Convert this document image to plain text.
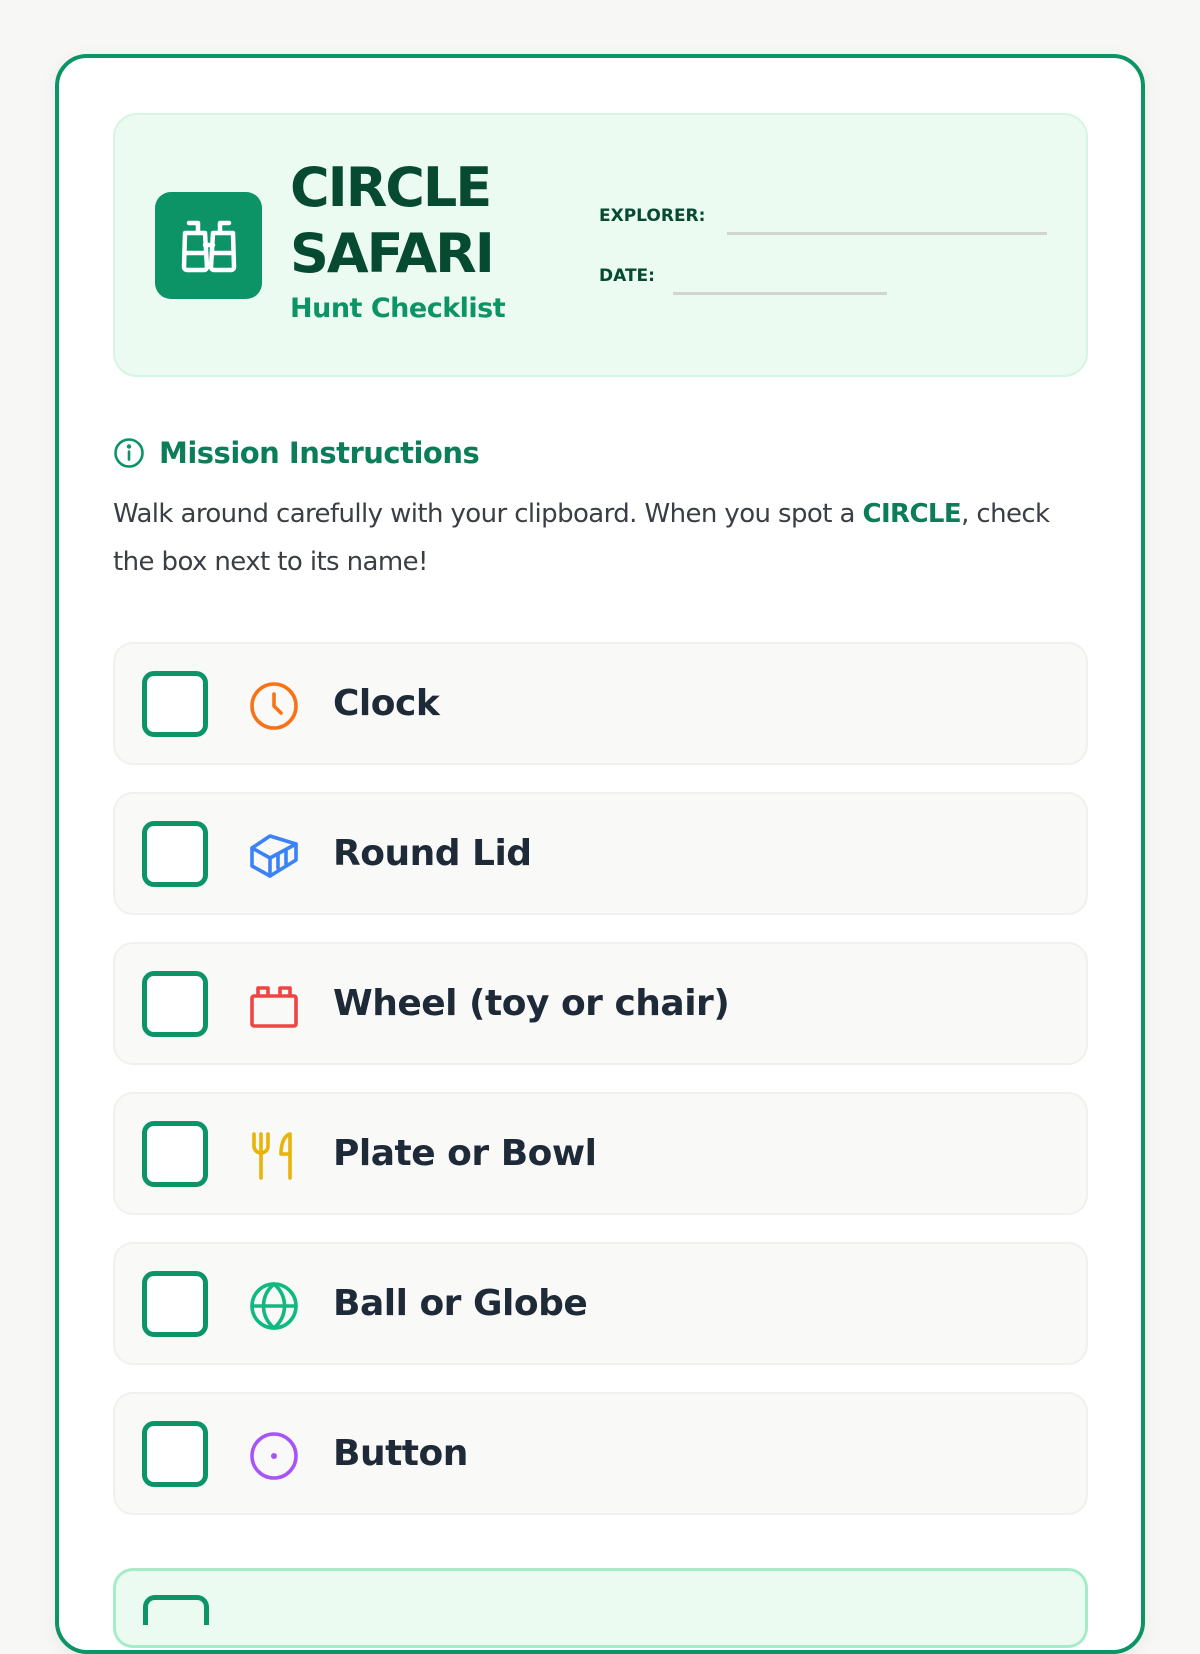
CIRCLE
SAFARI
Hunt Checklist
EXPLORER:
DATE:
Mission Instructions

Walk around carefully with your clipboard. When you spot a CIRCLE, check the box next to its name!

Clock
Round Lid
Wheel (toy or chair)
Plate or Bowl
Ball or Globe
Button
